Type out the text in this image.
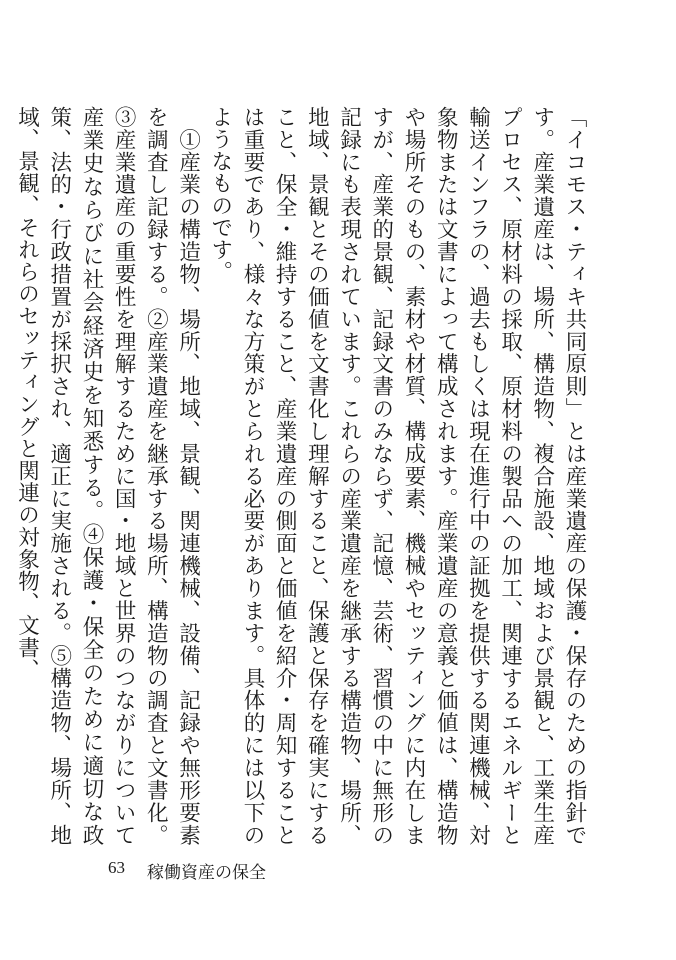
「イコモス・ティキ共同原則」とは産業遺産の保護・保存のための指針です。産業遺産は、場所、構造物、複合施設、地域および景観と、工業生産プロセス、原材料の採取、原材料の製品への加工、関連するエネルギーと輸送インフラの、過去もしくは現在進行中の証拠を提供する関連機械、対象物または文書によって構成されます。産業遺産の意義と価値は、構造物や場所そのもの、素材や材質、構成要素、機械やセッティングに内在しますが、産業的景観、記録文書のみならず、記憶、芸術、習慣の中に無形の記録にも表現されています。これらの産業遺産を継承する構造物、場所、地域、景観とその価値を文書化し理解すること、保護と保存を確実にすること、保全・維持すること、産業遺産の側面と価値を紹介・周知することは重要であり、様々な方策がとられる必要があります。具体的には以下のようなものです。

　①産業の構造物、場所、地域、景観、関連機械、設備、記録や無形要素を調査し記録する。②産業遺産を継承する場所、構造物の調査と文書化。③産業遺産の重要性を理解するために国・地域と世界のつながりについて産業史ならびに社会経済史を知悉する。④保護・保全のために適切な政策、法的・行政措置が採択され、適正に実施される。⑤構造物、場所、地域、景観、それらのセッティングと関連の対象物、文書、

63 稼働資産の保全
